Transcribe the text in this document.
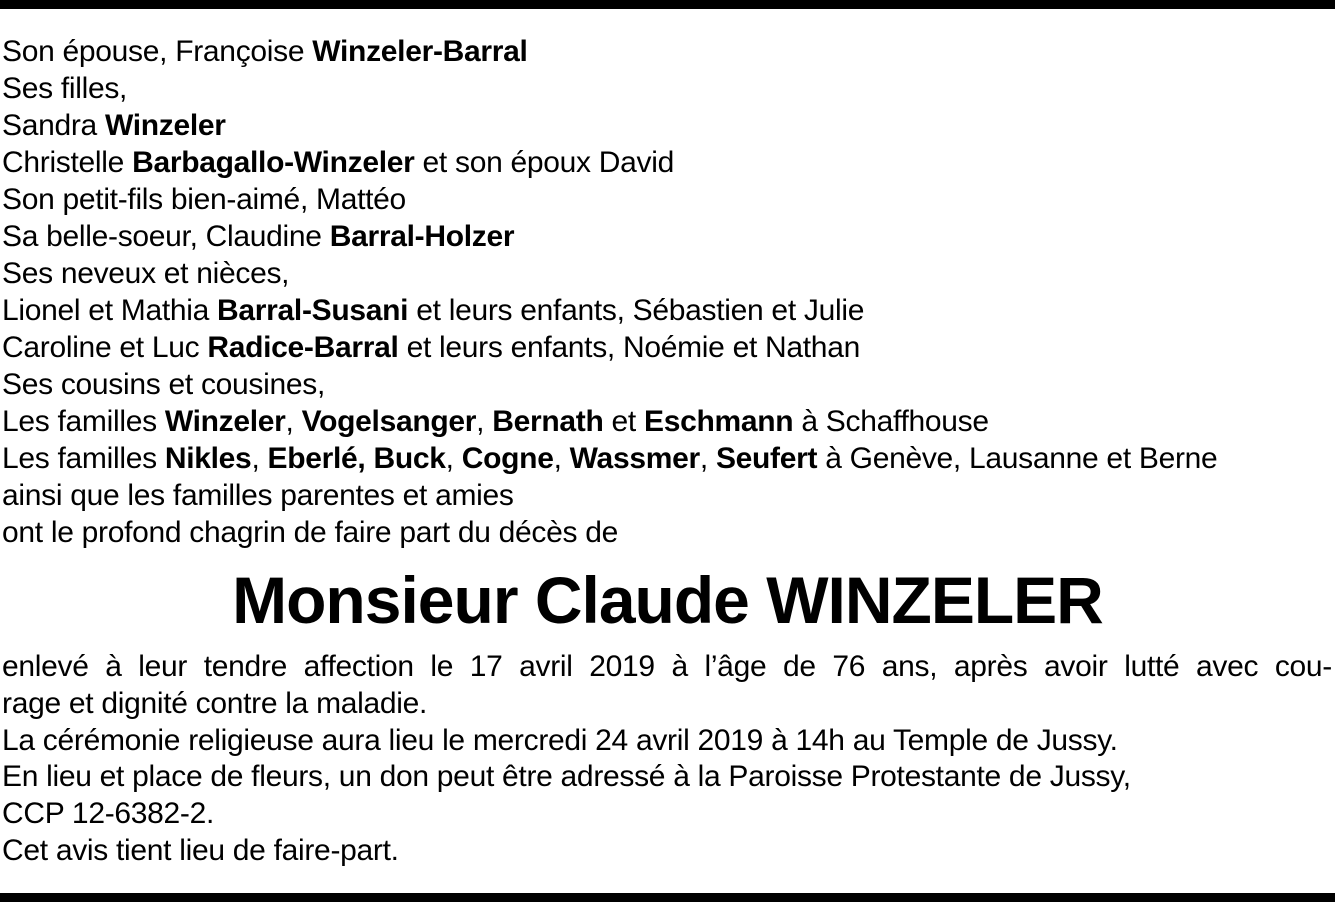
Son épouse, Françoise Winzeler-Barral
Ses filles,
Sandra Winzeler
Christelle Barbagallo-Winzeler et son époux David
Son petit-fils bien-aimé, Mattéo
Sa belle-soeur, Claudine Barral-Holzer
Ses neveux et nièces,
Lionel et Mathia Barral-Susani et leurs enfants, Sébastien et Julie
Caroline et Luc Radice-Barral et leurs enfants, Noémie et Nathan
Ses cousins et cousines,
Les familles Winzeler, Vogelsanger, Bernath et Eschmann à Schaffhouse
Les familles Nikles, Eberlé, Buck, Cogne, Wassmer, Seufert à Genève, Lausanne et Berne
ainsi que les familles parentes et amies
ont le profond chagrin de faire part du décès de
Monsieur Claude WINZELER
enlevé à leur tendre affection le 17 avril 2019 à l’âge de 76 ans, après avoir lutté avec cou-
rage et dignité contre la maladie.
La cérémonie religieuse aura lieu le mercredi 24 avril 2019 à 14h au Temple de Jussy.
En lieu et place de fleurs, un don peut être adressé à la Paroisse Protestante de Jussy,
CCP 12-6382-2.
Cet avis tient lieu de faire-part.
